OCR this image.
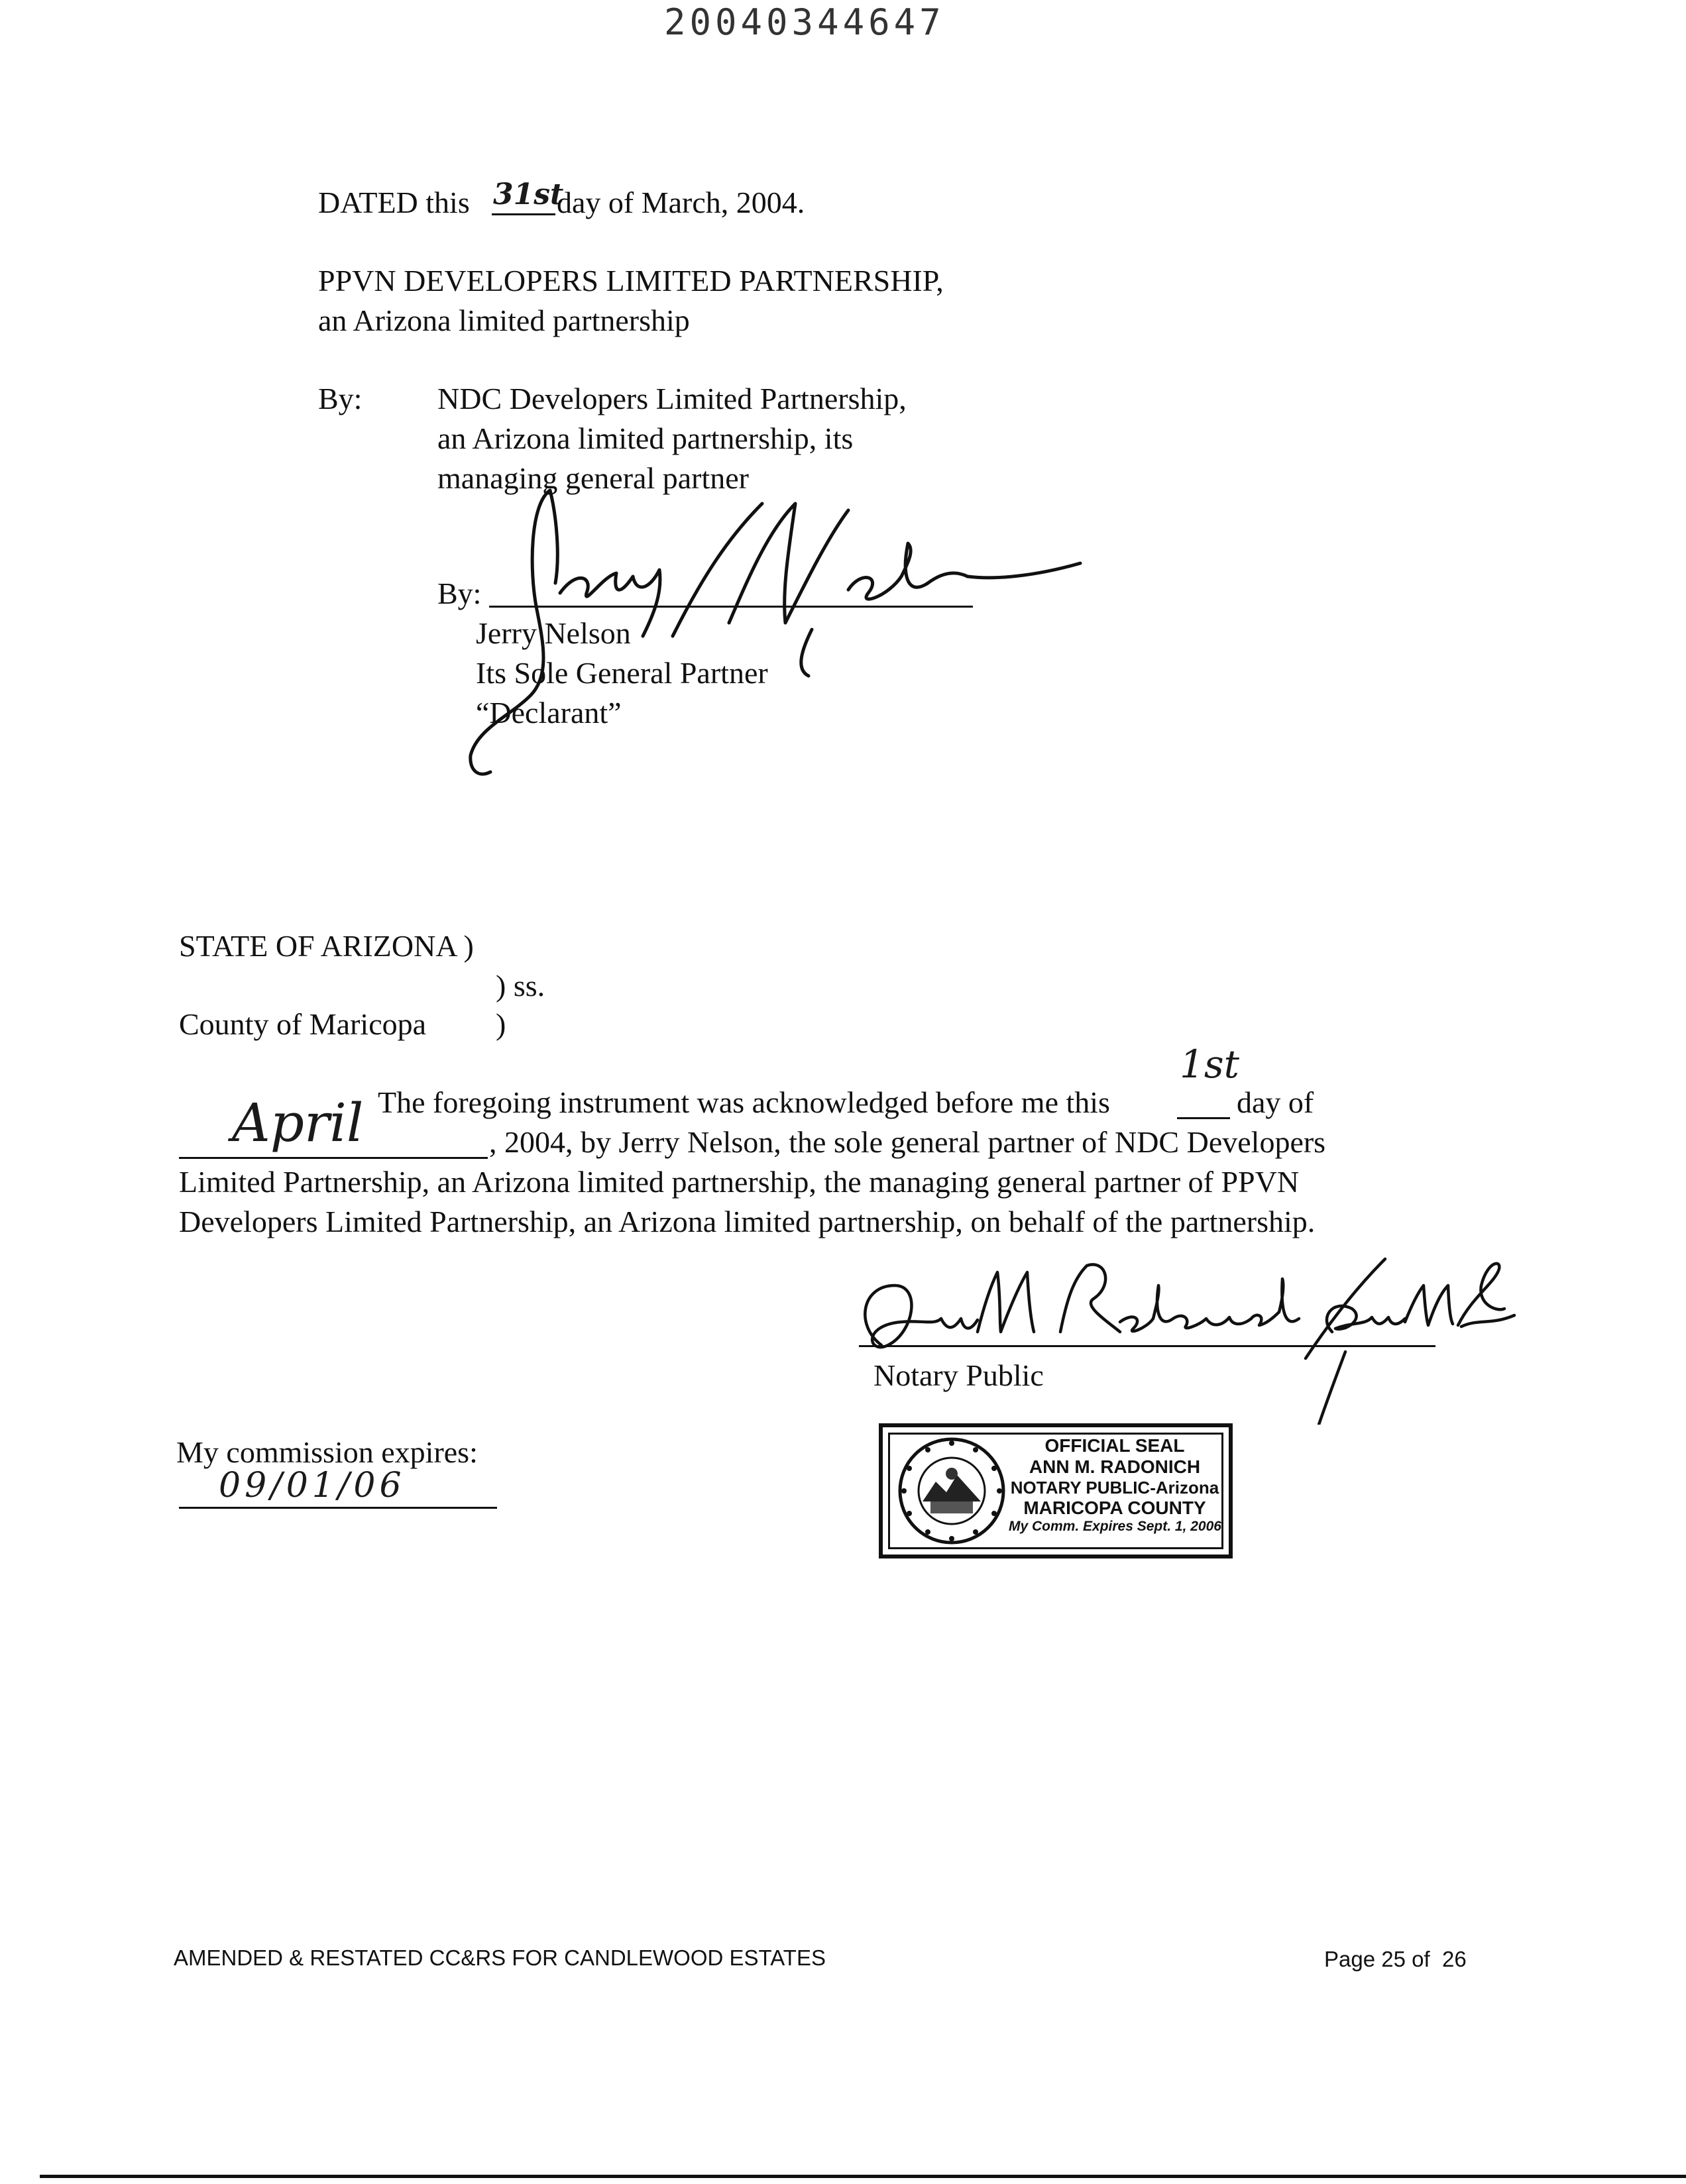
20040344647
DATED this 31st
day of March, 2004.
PPVN DEVELOPERS LIMITED PARTNERSHIP,
an Arizona limited partnership
By: NDC Developers Limited Partnership,
an Arizona limited partnership, its
managing general partner
By:
Jerry Nelson
Its Sole General Partner
“Declarant”
STATE OF ARIZONA )
) ss.
County of Maricopa )
The foregoing instrument was acknowledged before me this
1st
day of
April	, 2004, by Jerry Nelson, the sole general partner of NDC Developers
Limited Partnership, an Arizona limited partnership, the managing general partner of PPVN
Developers Limited Partnership, an Arizona limited partnership, on behalf of the partnership.
Notary Public
My commission expires:
09/01/06
OFFICIAL SEAL
ANN M. RADONICH
NOTARY PUBLIC-Arizona
MARICOPA COUNTY
My Comm. Expires Sept. 1, 2006
AMENDED & RESTATED CC&RS FOR CANDLEWOOD ESTATES	Page 25 of  26
